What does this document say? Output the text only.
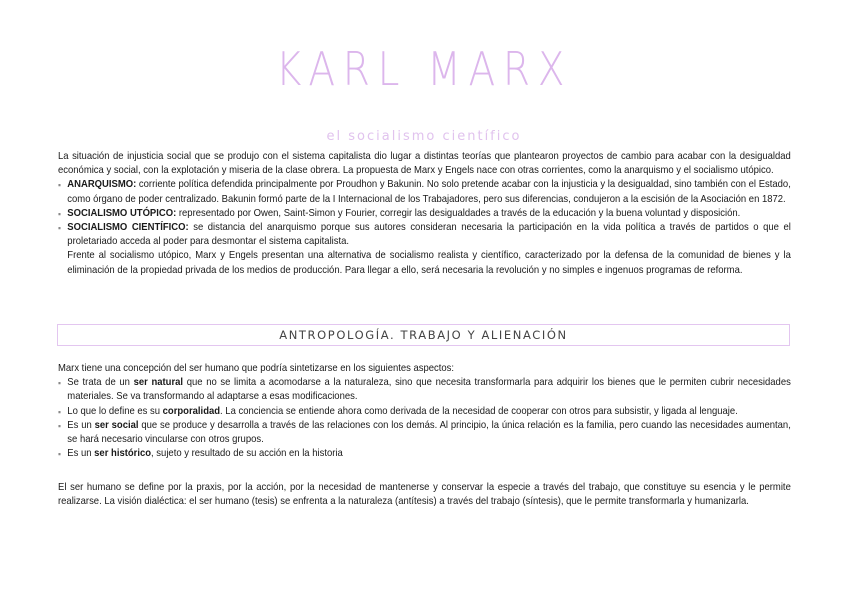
KARL MARX
el socialismo científico

La situación de injusticia social que se produjo con el sistema capitalista dio lugar a distintas teorías que plantearon proyectos de cambio para acabar con la desigualdad económica y social, con la explotación y miseria de la clase obrera. La propuesta de Marx y Engels nace con otras corrientes, como la anarquismo y el socialismo utópico.

▪ ANARQUISMO: corriente política defendida principalmente por Proudhon y Bakunin. No solo pretende acabar con la injusticia y la desigualdad, sino también con el Estado, como órgano de poder centralizado. Bakunin formó parte de la I Internacional de los Trabajadores, pero sus diferencias, condujeron a la escisión de la Asociación en 1872.
▪ SOCIALISMO UTÓPICO: representado por Owen, Saint-Simon y Fourier, corregir las desigualdades a través de la educación y la buena voluntad y disposición.
▪ SOCIALISMO CIENTÍFICO: se distancia del anarquismo porque sus autores consideran necesaria la participación en la vida política a través de partidos o que el proletariado acceda al poder para desmontar el sistema capitalista.

Frente al socialismo utópico, Marx y Engels presentan una alternativa de socialismo realista y científico, caracterizado por la defensa de la comunidad de bienes y la eliminación de la propiedad privada de los medios de producción. Para llegar a ello, será necesaria la revolución y no simples e ingenuos programas de reforma.

ANTROPOLOGÍA. TRABAJO Y ALIENACIÓN

Marx tiene una concepción del ser humano que podría sintetizarse en los siguientes aspectos:

▪ Se trata de un ser natural que no se limita a acomodarse a la naturaleza, sino que necesita transformarla para adquirir los bienes que le permiten cubrir necesidades materiales. Se va transformando al adaptarse a esas modificaciones.
▪ Lo que lo define es su corporalidad. La conciencia se entiende ahora como derivada de la necesidad de cooperar con otros para subsistir, y ligada al lenguaje.
▪ Es un ser social que se produce y desarrolla a través de las relaciones con los demás. Al principio, la única relación es la familia, pero cuando las necesidades aumentan, se hará necesario vincularse con otros grupos.
▪ Es un ser histórico, sujeto y resultado de su acción en la historia

El ser humano se define por la praxis, por la acción, por la necesidad de mantenerse y conservar la especie a través del trabajo, que constituye su esencia y le permite realizarse. La visión dialéctica: el ser humano (tesis) se enfrenta a la naturaleza (antítesis) a través del trabajo (síntesis), que le permite transformarla y humanizarla.
